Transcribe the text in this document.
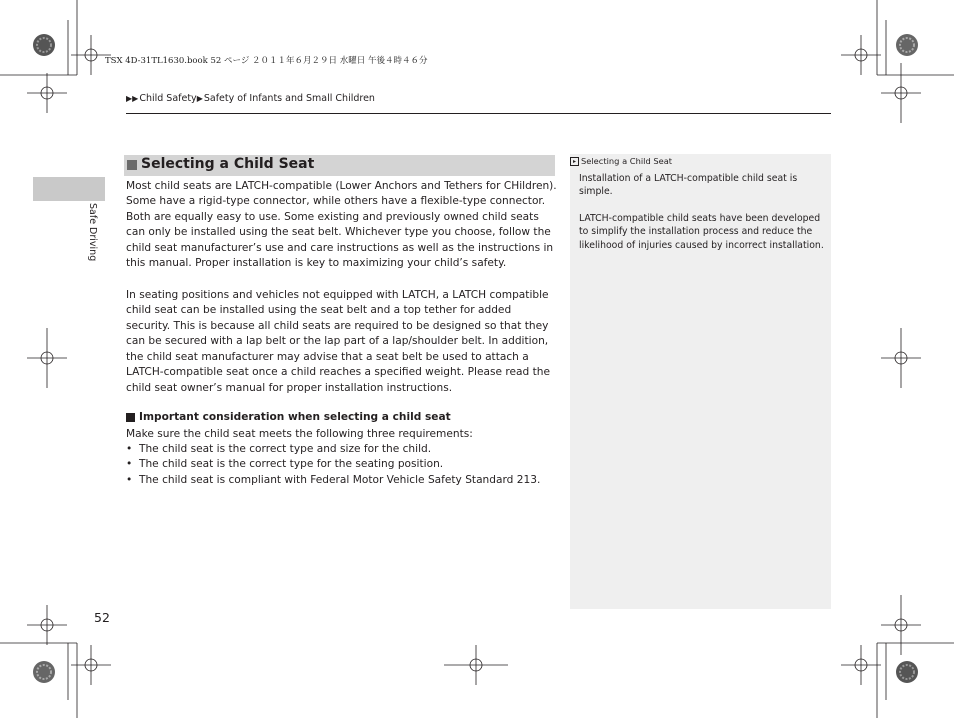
TSX 4D-31TL1630.book 52 ページ ２０１１年６月２９日 水曜日 午後４時４６分
▶▶ Child Safety ▶ Safety of Infants and Small Children
Safe Driving
Selecting a Child Seat
Most child seats are LATCH-compatible (Lower Anchors and Tethers for CHildren). Some have a rigid-type connector, while others have a flexible-type connector. Both are equally easy to use. Some existing and previously owned child seats can only be installed using the seat belt. Whichever type you choose, follow the child seat manufacturer’s use and care instructions as well as the instructions in this manual. Proper installation is key to maximizing your child’s safety.
In seating positions and vehicles not equipped with LATCH, a LATCH compatible child seat can be installed using the seat belt and a top tether for added security. This is because all child seats are required to be designed so that they can be secured with a lap belt or the lap part of a lap/shoulder belt. In addition, the child seat manufacturer may advise that a seat belt be used to attach a LATCH-compatible seat once a child reaches a specified weight. Please read the child seat owner’s manual for proper installation instructions.
Important consideration when selecting a child seat
Make sure the child seat meets the following three requirements:
• The child seat is the correct type and size for the child.
• The child seat is the correct type for the seating position.
• The child seat is compliant with Federal Motor Vehicle Safety Standard 213.
▸ Selecting a Child Seat
Installation of a LATCH-compatible child seat is simple.
LATCH-compatible child seats have been developed to simplify the installation process and reduce the likelihood of injuries caused by incorrect installation.
52
